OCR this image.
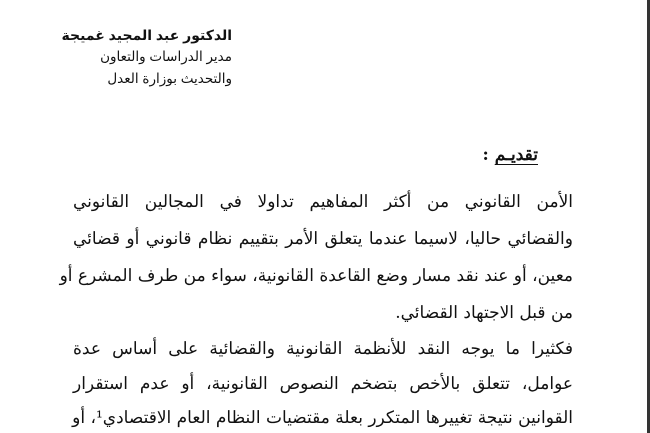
الدكتور عبد المجيد غميجة

مدير الدراسات والتعاون

والتحديث بوزارة العدل

تقديـم :
الأمن القانوني من أكثر المفاهيم تداولا في المجالين القانوني
والقضائي حاليا، لاسيما عندما يتعلق الأمر بتقييم نظام قانوني أو قضائي
معين، أو عند نقد مسار وضع القاعدة القانونية، سواء من طرف المشرع أو
من قبل الاجتهاد القضائي.
فكثيرا ما يوجه النقد للأنظمة القانونية والقضائية على أساس عدة
عوامل، تتعلق بالأخص بتضخم النصوص القانونية، أو عدم استقرار
القوانين نتيجة تغييرها المتكرر بعلة مقتضيات النظام العام الاقتصادي¹، أو
